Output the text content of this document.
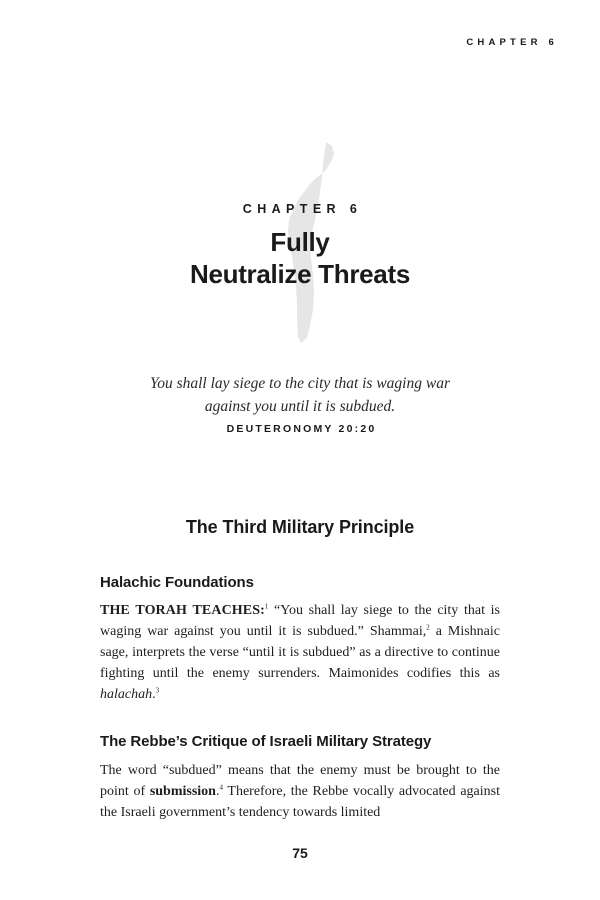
CHAPTER 6
CHAPTER 6
Fully
Neutralize Threats
You shall lay siege to the city that is waging war
against you until it is subdued.
DEUTERONOMY 20:20
The Third Military Principle
Halachic Foundations

THE TORAH TEACHES:$^1$ “You shall lay siege to the city that is waging war against you until it is subdued.” Shammai,$^2$ a Mishnaic sage, interprets the verse “until it is subdued” as a directive to continue fighting until the enemy surrenders. Maimonides codifies this as halachah.$^3$

The Rebbe’s Critique of Israeli Military Strategy

The word “subdued” means that the enemy must be brought to the point of submission.$^4$ Therefore, the Rebbe vocally advocated against the Israeli government’s tendency towards limited

75
